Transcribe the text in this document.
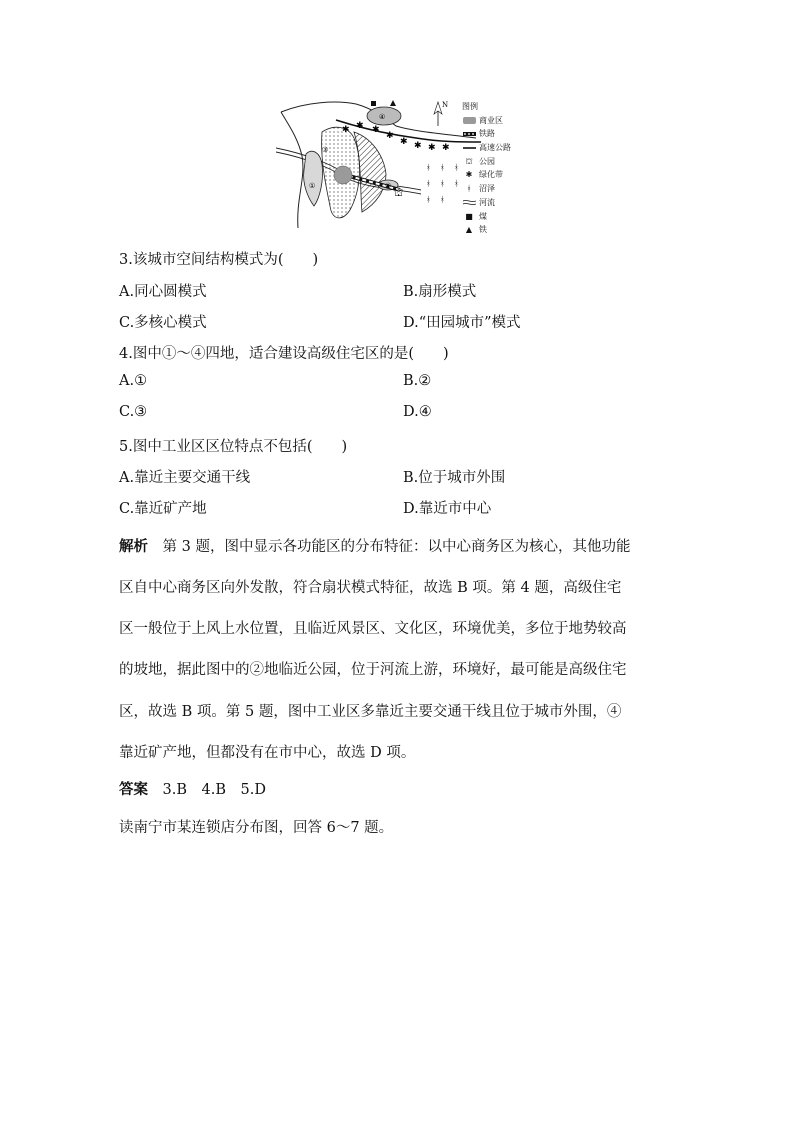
①	②
③
④
⛫
✱ ✱ ✱
✱
✱ ✱ ✱ ✱
ᚼ ᚼ ᚼ
ᚼ ᚼ ᚼ
ᚼ ᚼ
N 图例
商业区
铁路
高速公路
⛫ 公园
✱ 绿化带
ᚼ 沼泽
河流
■ 煤
▲ 铁
3.该城市空间结构模式为(　　)
A.同心圆模式	B.扇形模式
C.多核心模式	D.“田园城市”模式
4.图中①～④四地，适合建设高级住宅区的是(　　)
A.①	B.②
C.③	D.④
5.图中工业区区位特点不包括(　　)
A.靠近主要交通干线	B.位于城市外围
C.靠近矿产地	D.靠近市中心
解析　 第 3 题，图中显示各功能区的分布特征：以中心商务区为核心，其他功能
区自中心商务区向外发散，符合扇状模式特征，故选 B 项。第 4 题，高级住宅
区一般位于上风上水位置，且临近风景区、文化区，环境优美，多位于地势较高
的坡地，据此图中的②地临近公园，位于河流上游，环境好，最可能是高级住宅
区，故选 B 项。第 5 题，图中工业区多靠近主要交通干线且位于城市外围，④
靠近矿产地，但都没有在市中心，故选 D 项。
答案　 3.B　4.B　5.D
读南宁市某连锁店分布图，回答 6～7 题。
